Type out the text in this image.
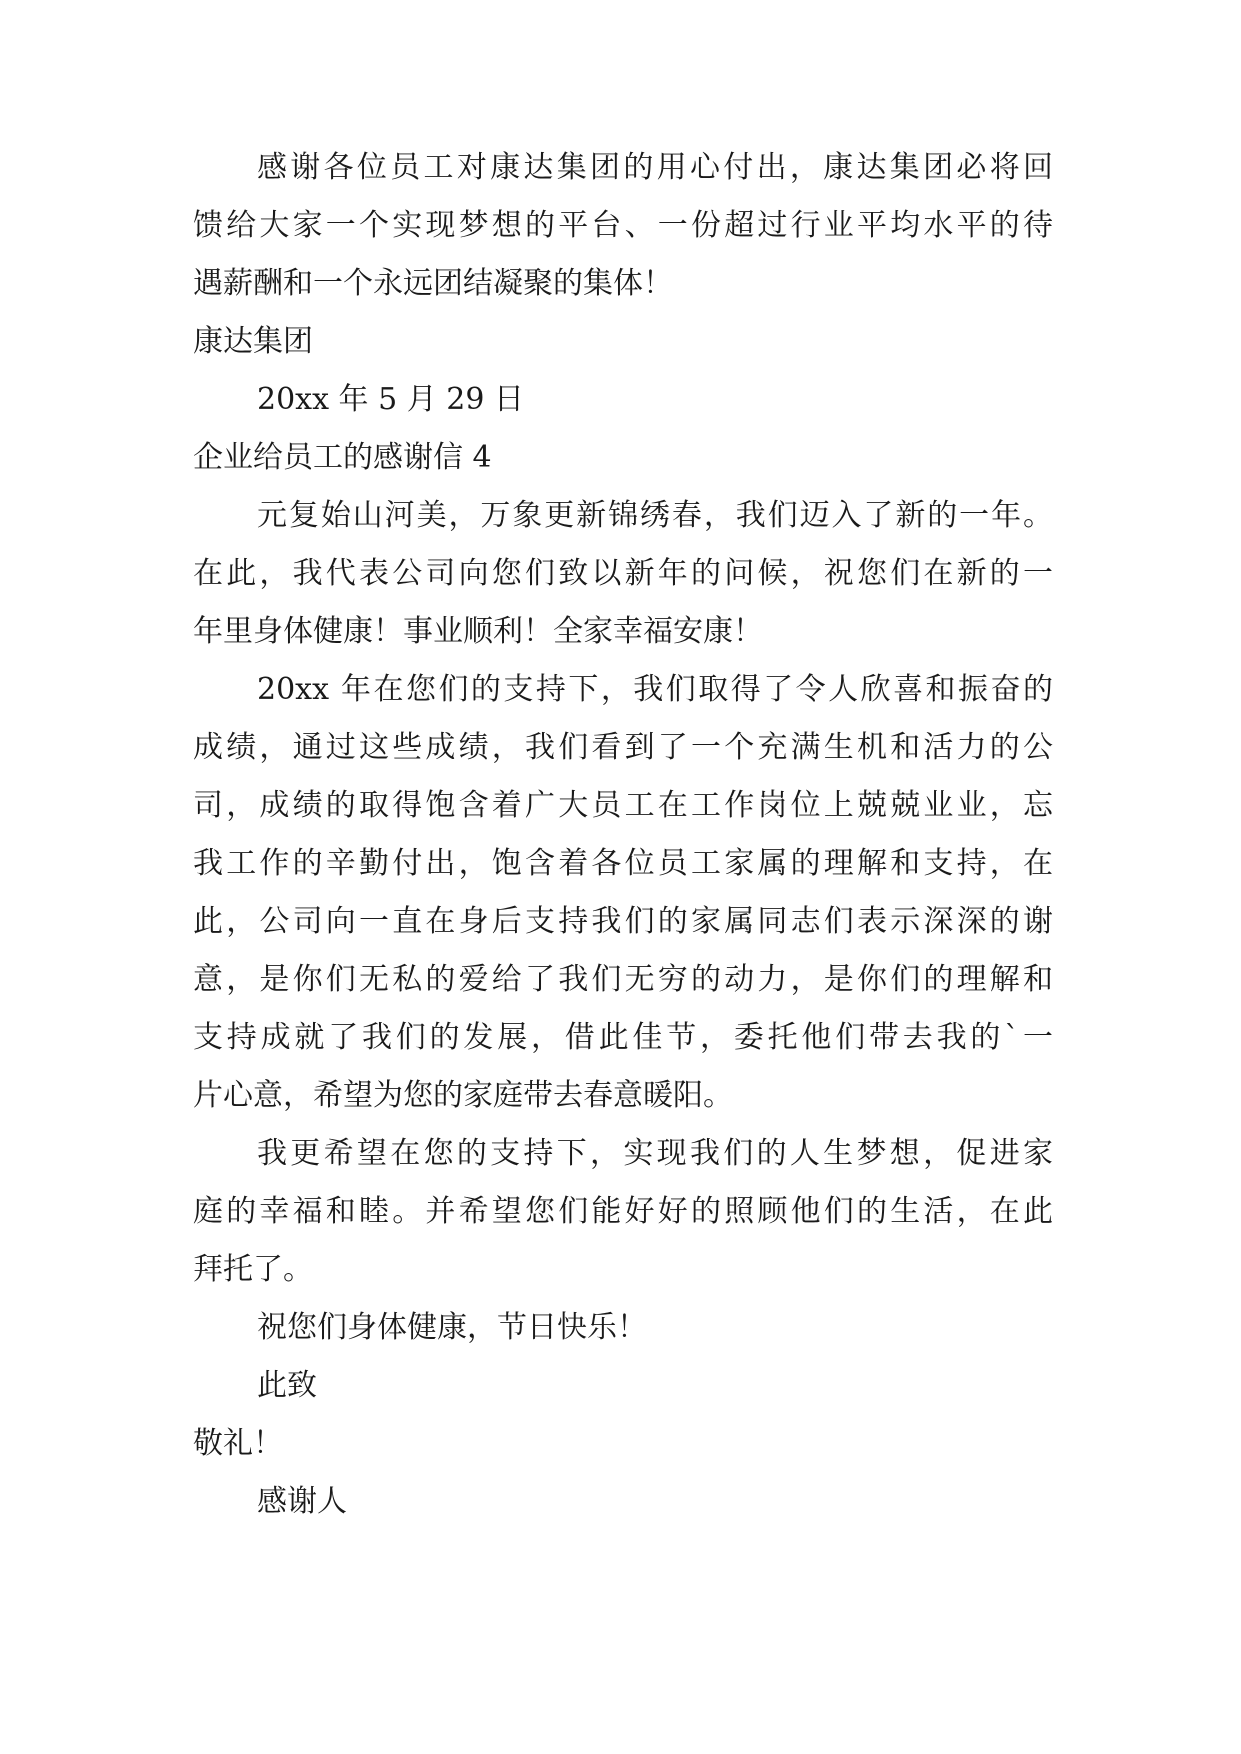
感谢各位员工对康达集团的用心付出，康达集团必将回
馈给大家一个实现梦想的平台、一份超过行业平均水平的待
遇薪酬和一个永远团结凝聚的集体！
康达集团
20xx 年 5 月 29 日
企业给员工的感谢信 4
元复始山河美，万象更新锦绣春，我们迈入了新的一年。
在此，我代表公司向您们致以新年的问候，祝您们在新的一
年里身体健康！事业顺利！全家幸福安康！
20xx 年在您们的支持下，我们取得了令人欣喜和振奋的
成绩，通过这些成绩，我们看到了一个充满生机和活力的公
司，成绩的取得饱含着广大员工在工作岗位上兢兢业业，忘
我工作的辛勤付出，饱含着各位员工家属的理解和支持，在
此，公司向一直在身后支持我们的家属同志们表示深深的谢
意，是你们无私的爱给了我们无穷的动力，是你们的理解和
支持成就了我们的发展，借此佳节，委托他们带去我的`一
片心意，希望为您的家庭带去春意暖阳。
我更希望在您的支持下，实现我们的人生梦想，促进家
庭的幸福和睦。并希望您们能好好的照顾他们的生活，在此
拜托了。
祝您们身体健康，节日快乐！
此致
敬礼！
感谢人
